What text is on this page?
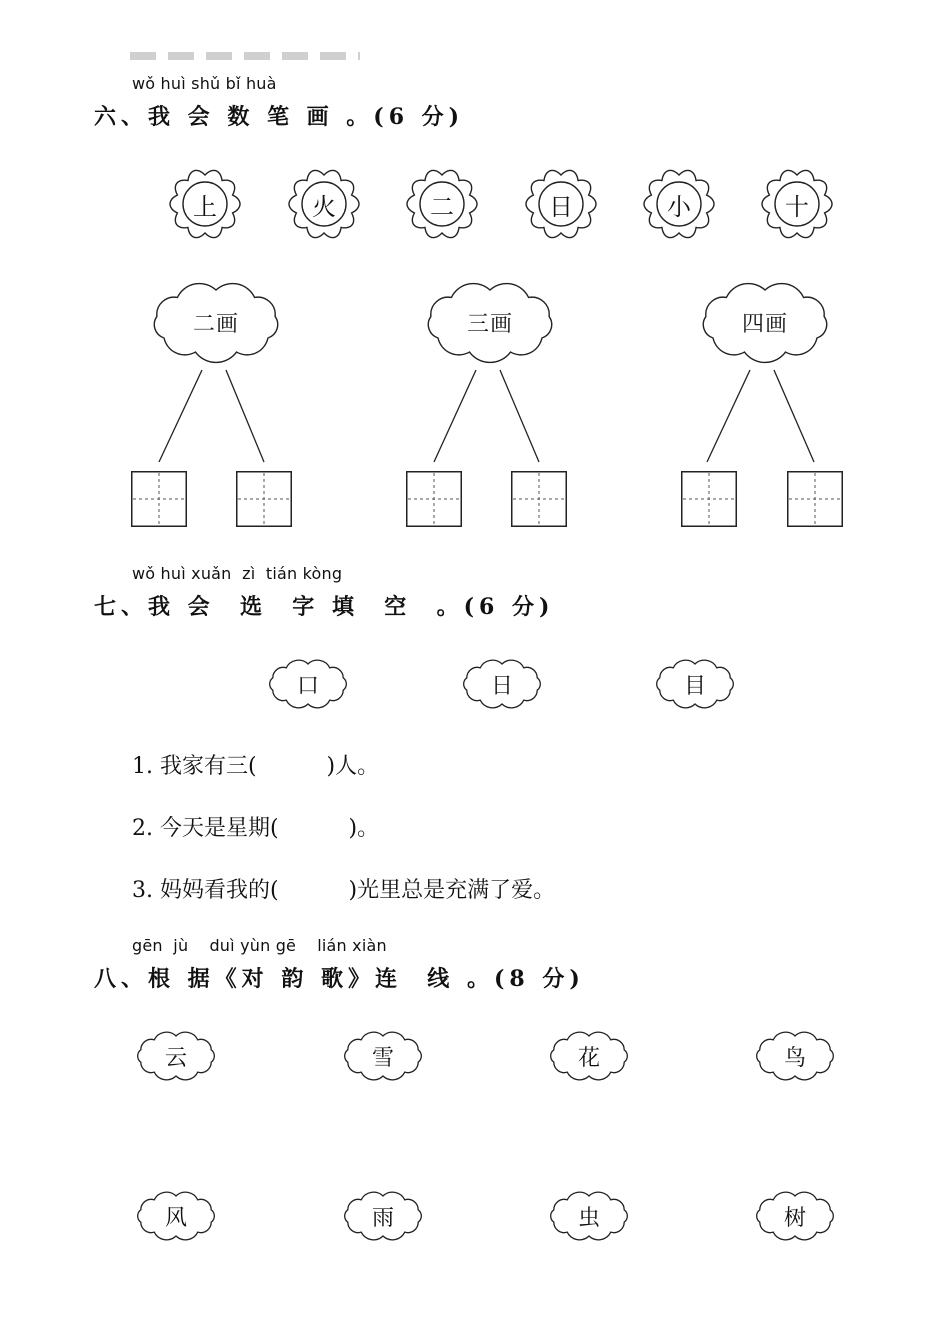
wǒ huì shǔ bǐ huà
六、我 会 数 笔 画 。(6 分)
上	火	二	日	小	十
二画	三画	四画
wǒ huì xuǎn  zì  tián kòng
七、我 会  选  字 填  空  。(6 分)
口	日	目
1. 我家有三(          )人。
2. 今天是星期(          )。
3. 妈妈看我的(          )光里总是充满了爱。
gēn  jù    duì yùn gē    lián xiàn
八、根 据《对 韵 歌》连  线 。(8 分)
云	雪	花	鸟
风	雨	虫	树
